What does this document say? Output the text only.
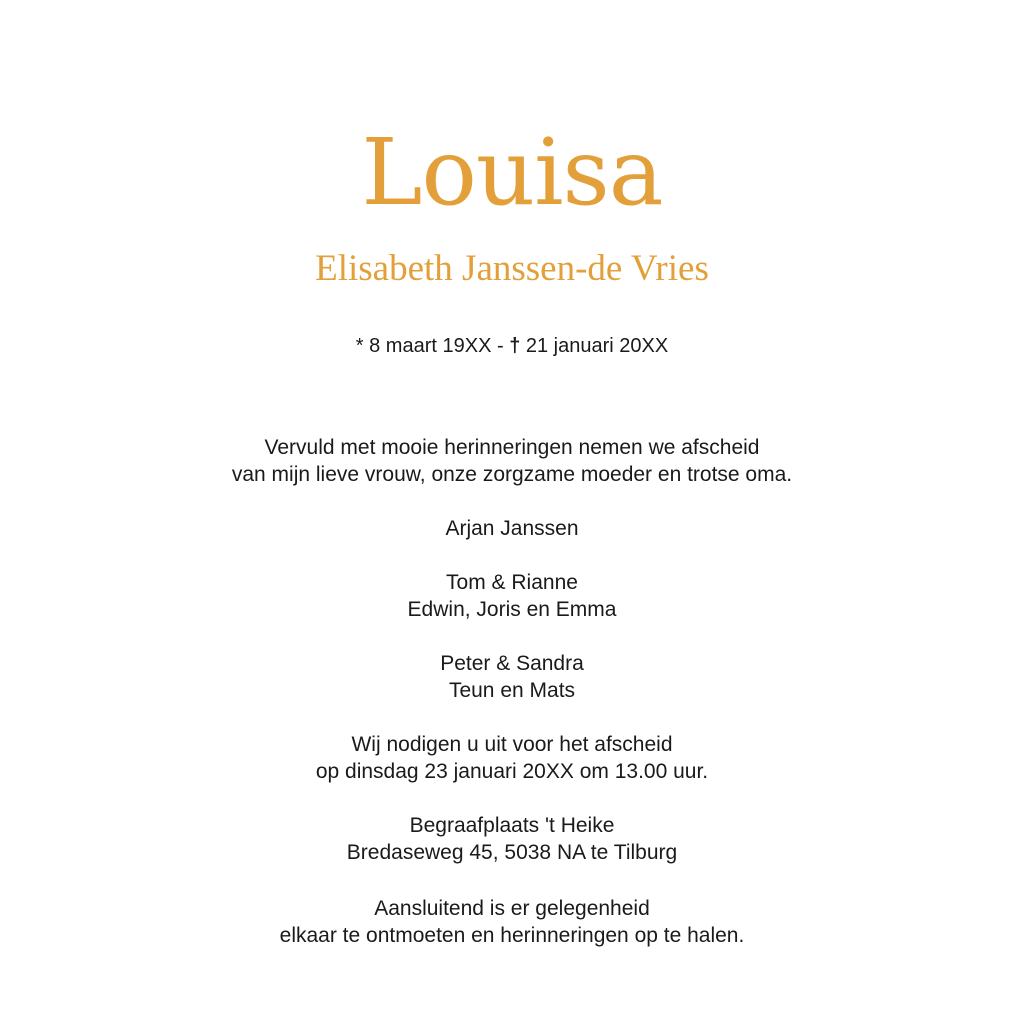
Louisa
Elisabeth Janssen-de Vries
* 8 maart 19XX - † 21 januari 20XX
Vervuld met mooie herinneringen nemen we afscheid
van mijn lieve vrouw, onze zorgzame moeder en trotse oma.
Arjan Janssen
Tom & Rianne
Edwin, Joris en Emma
Peter & Sandra
Teun en Mats
Wij nodigen u uit voor het afscheid
op dinsdag 23 januari 20XX om 13.00 uur.
Begraafplaats 't Heike
Bredaseweg 45, 5038 NA te Tilburg
Aansluitend is er gelegenheid
elkaar te ontmoeten en herinneringen op te halen.
